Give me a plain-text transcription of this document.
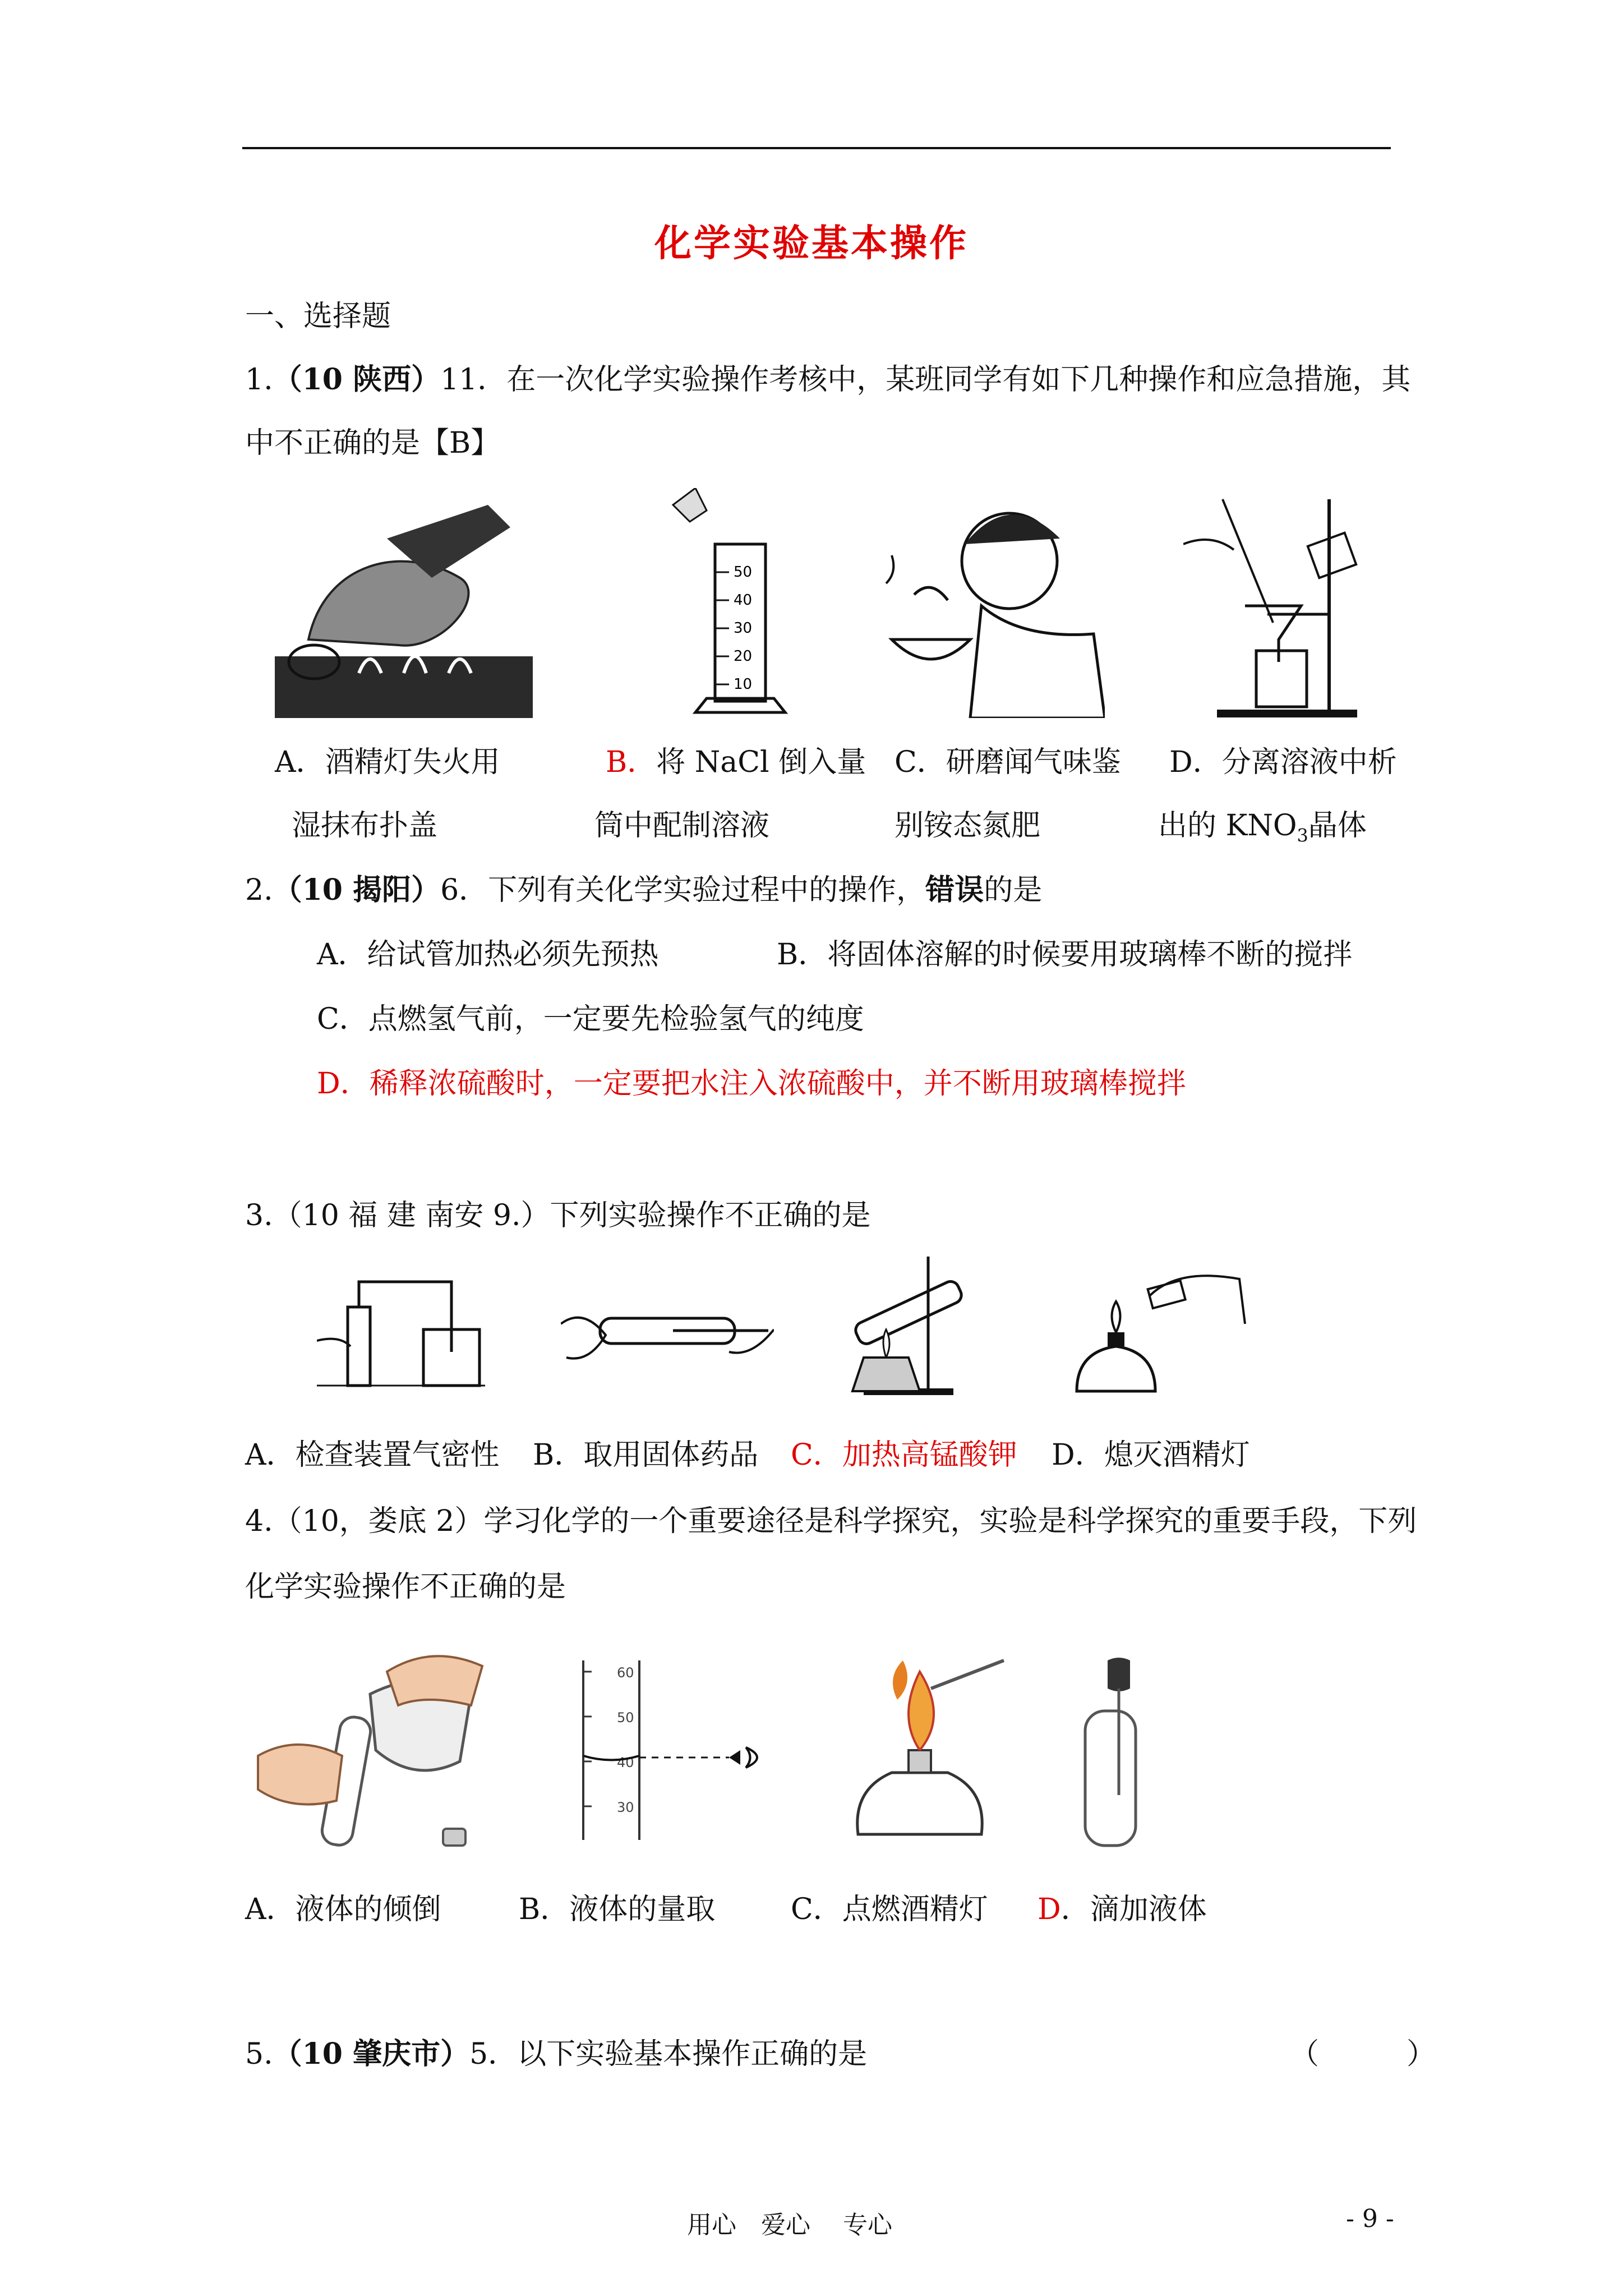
化学实验基本操作
一、选择题
1.（10 陕西）11．在一次化学实验操作考核中，某班同学有如下几种操作和应急措施，其
中不正确的是【B】
50
40
30
20
10
A．酒精灯失火用
湿抹布扑盖
B．将 NaCl 倒入量
筒中配制溶液
C．研磨闻气味鉴
别铵态氮肥
D．分离溶液中析
出的 $KNO_3$晶体
2.（10 揭阳）6．下列有关化学实验过程中的操作，错误的是
A．给试管加热必须先预热	B．将固体溶解的时候要用玻璃棒不断的搅拌
C．点燃氢气前，一定要先检验氢气的纯度
D．稀释浓硫酸时，一定要把水注入浓硫酸中，并不断用玻璃棒搅拌
3.（10 福 建 南安 9.）下列实验操作不正确的是
A．检查装置气密性 B．取用固体药品 C．加热高锰酸钾 D．熄灭酒精灯
4.（10，娄底 2）学习化学的一个重要途径是科学探究，实验是科学探究的重要手段，下列
化学实验操作不正确的是
60
50
40
30
A．液体的倾倒	B．液体的量取	C．点燃酒精灯 D．滴加液体
5.（10 肇庆市）5．以下实验基本操作正确的是	（　　　）
用心　爱心　 专心	- 9 -
